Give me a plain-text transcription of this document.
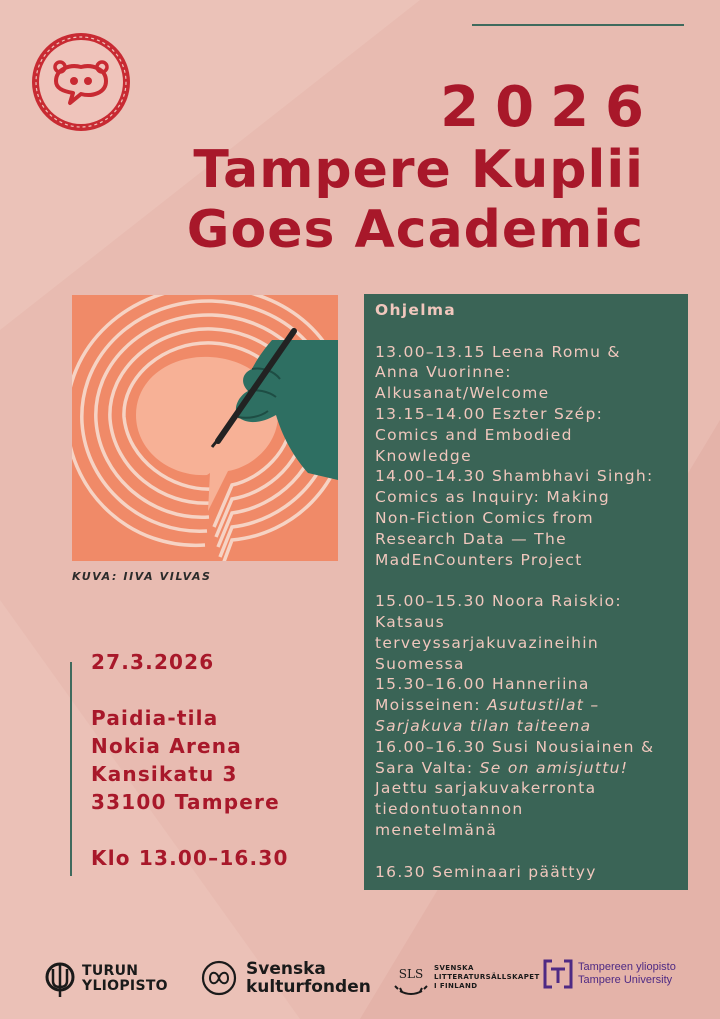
2026
Tampere Kuplii
Goes Academic
KUVA: IIVA VILVAS
27.3.2026
Paidia-tila
Nokia Arena
Kansikatu 3
33100 Tampere
Klo 13.00–16.30
Ohjelma
13.00–13.15 Leena Romu &
Anna Vuorinne:
Alkusanat/Welcome
13.15–14.00 Eszter Szép:
Comics and Embodied
Knowledge
14.00–14.30 Shambhavi Singh:
Comics as Inquiry: Making
Non-Fiction Comics from
Research Data — The
MadEnCounters Project
15.00–15.30 Noora Raiskio:
Katsaus
terveyssarjakuvazineihin
Suomessa
15.30–16.00 Hanneriina
Moisseinen: Asutustilat –
Sarjakuva tilan taiteena
16.00–16.30 Susi Nousiainen &
Sara Valta: Se on amisjuttu!
Jaettu sarjakuvakerronta
tiedontuotannon
menetelmänä
16.30 Seminaari päättyy
TURUN
YLIOPISTO
Svenska
kulturfonden
SLS	SVENSKA
LITTERATURSÄLLSKAPET
I FINLAND
Tampereen yliopisto
Tampere University
